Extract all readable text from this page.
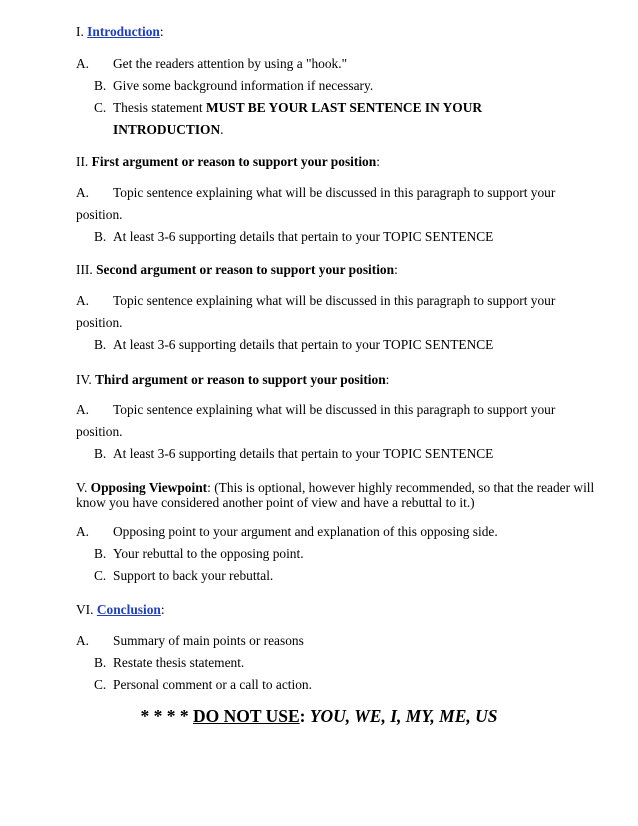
I. Introduction:
A. Get the readers attention by using a "hook."
B. Give some background information if necessary.
C. Thesis statement MUST BE YOUR LAST SENTENCE IN YOUR
INTRODUCTION.
II. First argument or reason to support your position:
A. Topic sentence explaining what will be discussed in this paragraph to support your
position.
B. At least 3-6 supporting details that pertain to your TOPIC SENTENCE
III. Second argument or reason to support your position:
A. Topic sentence explaining what will be discussed in this paragraph to support your
position.
B. At least 3-6 supporting details that pertain to your TOPIC SENTENCE
IV. Third argument or reason to support your position:
A. Topic sentence explaining what will be discussed in this paragraph to support your
position.
B. At least 3-6 supporting details that pertain to your TOPIC SENTENCE
V. Opposing Viewpoint: (This is optional, however highly recommended, so that the reader will
know you have considered another point of view and have a rebuttal to it.)
A. Opposing point to your argument and explanation of this opposing side.
B. Your rebuttal to the opposing point.
C. Support to back your rebuttal.
VI. Conclusion:
A. Summary of main points or reasons
B. Restate thesis statement.
C. Personal comment or a call to action.
* * * * DO NOT USE: YOU, WE, I, MY, ME, US
